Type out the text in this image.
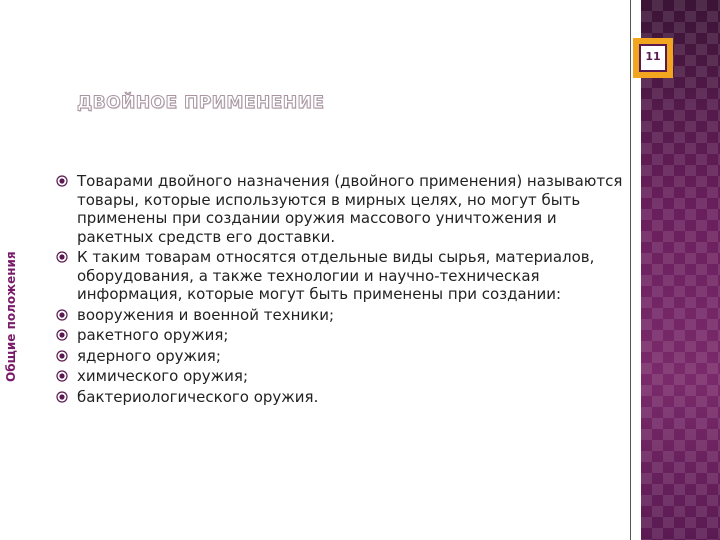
Общие положения
ДВОЙНОЕ ПРИМЕНЕНИЕ
Товарами двойного назначения (двойного применения) называются товары, которые используются в мирных целях, но могут быть применены при создании оружия массового уничтожения и ракетных средств его доставки.
К таким товарам относятся отдельные виды сырья, материалов, оборудования, а также технологии и научно-техническая информация, которые могут быть применены при создании:
вооружения и военной техники;
ракетного оружия;
ядерного оружия;
химического оружия;
бактериологического оружия.
11
